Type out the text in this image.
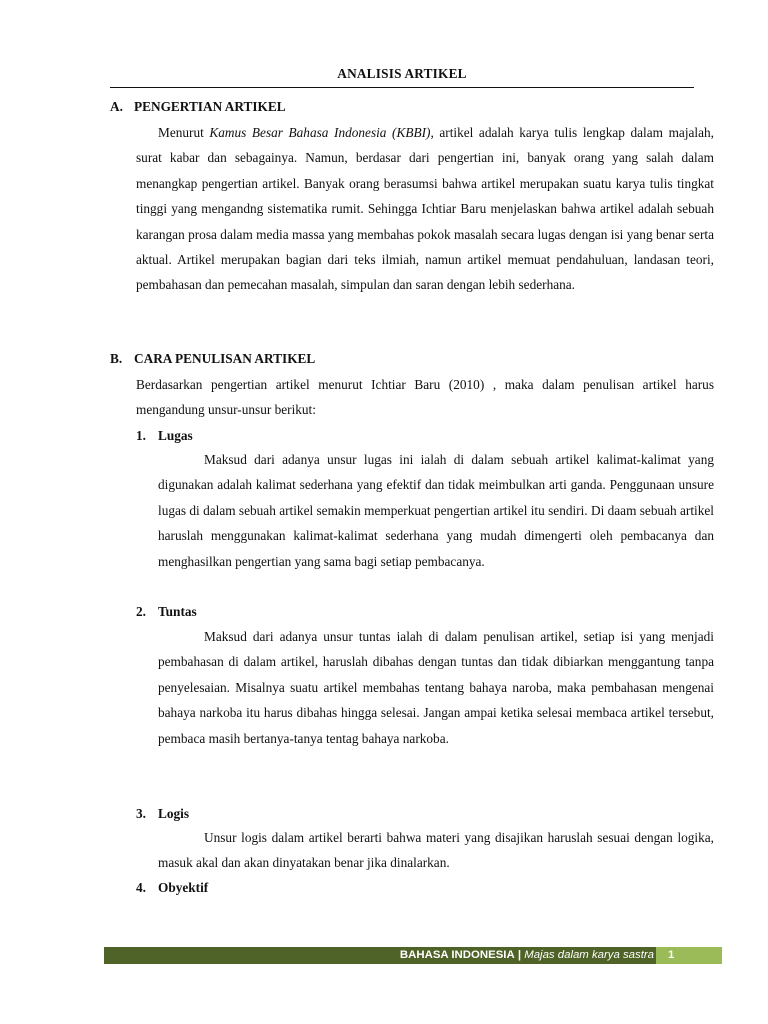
ANALISIS ARTIKEL
A. PENGERTIAN ARTIKEL
Menurut Kamus Besar Bahasa Indonesia (KBBI), artikel adalah karya tulis lengkap dalam majalah, surat kabar dan sebagainya. Namun, berdasar dari pengertian ini, banyak orang yang salah dalam menangkap pengertian artikel. Banyak orang berasumsi bahwa artikel merupakan suatu karya tulis tingkat tinggi yang mengandng sistematika rumit. Sehingga Ichtiar Baru menjelaskan bahwa artikel adalah sebuah karangan prosa dalam media massa yang membahas pokok masalah secara lugas dengan isi yang benar serta aktual. Artikel merupakan bagian dari teks ilmiah, namun artikel memuat pendahuluan, landasan teori, pembahasan dan pemecahan masalah, simpulan dan saran dengan lebih sederhana.
B. CARA PENULISAN ARTIKEL
Berdasarkan pengertian artikel menurut Ichtiar Baru (2010) , maka dalam penulisan artikel harus mengandung unsur-unsur berikut:
1. Lugas
Maksud dari adanya unsur lugas ini ialah di dalam sebuah artikel kalimat-kalimat yang digunakan adalah kalimat sederhana yang efektif dan tidak meimbulkan arti ganda. Penggunaan unsure lugas di dalam sebuah artikel semakin memperkuat pengertian artikel itu sendiri. Di daam sebuah artikel haruslah menggunakan kalimat-kalimat sederhana yang mudah dimengerti oleh pembacanya dan menghasilkan pengertian yang sama bagi setiap pembacanya.
2. Tuntas
Maksud dari adanya unsur tuntas ialah di dalam penulisan artikel, setiap isi yang menjadi pembahasan di dalam artikel, haruslah dibahas dengan tuntas dan tidak dibiarkan menggantung tanpa penyelesaian. Misalnya suatu artikel membahas tentang bahaya naroba, maka pembahasan mengenai bahaya narkoba itu harus dibahas hingga selesai. Jangan ampai ketika selesai membaca artikel tersebut, pembaca masih bertanya-tanya tentag bahaya narkoba.
3. Logis
Unsur logis dalam artikel berarti bahwa materi yang disajikan haruslah sesuai dengan logika, masuk akal dan akan dinyatakan benar jika dinalarkan.
4. Obyektif
BAHASA INDONESIA | Majas dalam karya sastra	1
